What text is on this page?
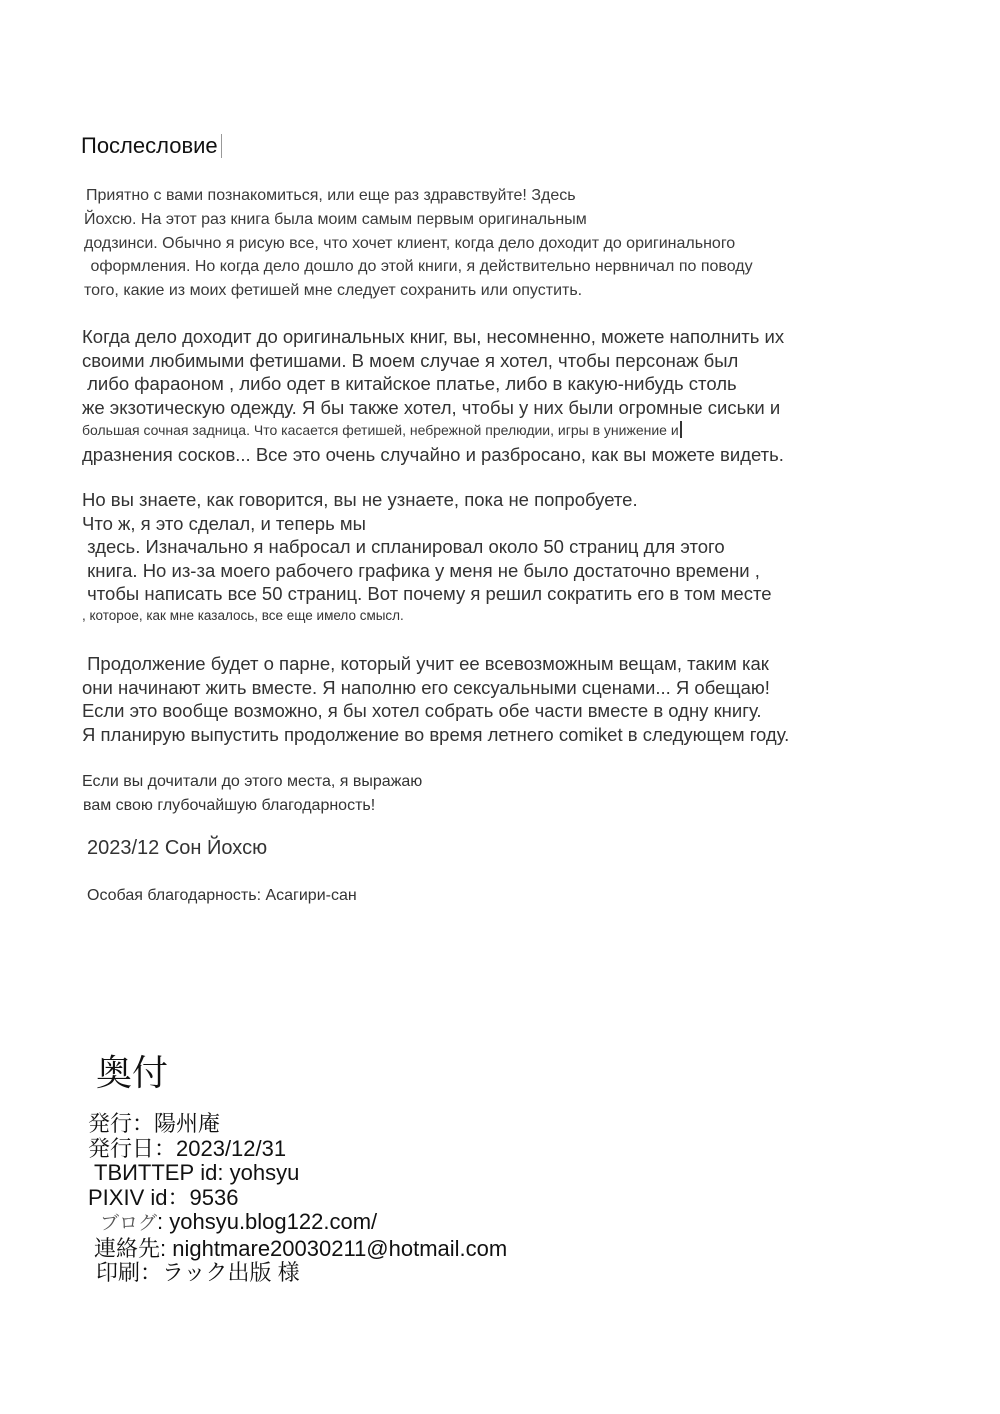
Послесловие
Приятно с вами познакомиться, или еще раз здравствуйте! Здесь
Йохсю. На этот раз книга была моим самым первым оригинальным
додзинси. Обычно я рисую все, что хочет клиент, когда дело доходит до оригинального
оформления. Но когда дело дошло до этой книги, я действительно нервничал по поводу
того, какие из моих фетишей мне следует сохранить или опустить.
Когда дело доходит до оригинальных книг, вы, несомненно, можете наполнить их
своими любимыми фетишами. В моем случае я хотел, чтобы персонаж был
либо фараоном , либо одет в китайское платье, либо в какую-нибудь столь
же экзотическую одежду. Я бы также хотел, чтобы у них были огромные сиськи и
большая сочная задница. Что касается фетишей, небрежной прелюдии, игры в унижение и
дразнения сосков... Все это очень случайно и разбросано, как вы можете видеть.
Но вы знаете, как говорится, вы не узнаете, пока не попробуете.
Что ж, я это сделал, и теперь мы
здесь. Изначально я набросал и спланировал около 50 страниц для этого
книга. Но из-за моего рабочего графика у меня не было достаточно времени ,
чтобы написать все 50 страниц. Вот почему я решил сократить его в том месте
, которое, как мне казалось, все еще имело смысл.
Продолжение будет о парне, который учит ее всевозможным вещам, таким как
они начинают жить вместе. Я наполню его сексуальными сценами... Я обещаю!
Если это вообще возможно, я бы хотел собрать обе части вместе в одну книгу.
Я планирую выпустить продолжение во время летнего comiket в следующем году.
Если вы дочитали до этого места, я выражаю
вам свою глубочайшую благодарность!
2023/12 Сон Йохсю
Особая благодарность: Асагири-сан
奥付
発行：陽州庵
発行日：2023/12/31
ТВИТТЕР id: yohsyu
PIXIV id：9536
ブログ: yohsyu.blog122.com/
連絡先: nightmare20030211@hotmail.com
印刷：ラック出版 様
